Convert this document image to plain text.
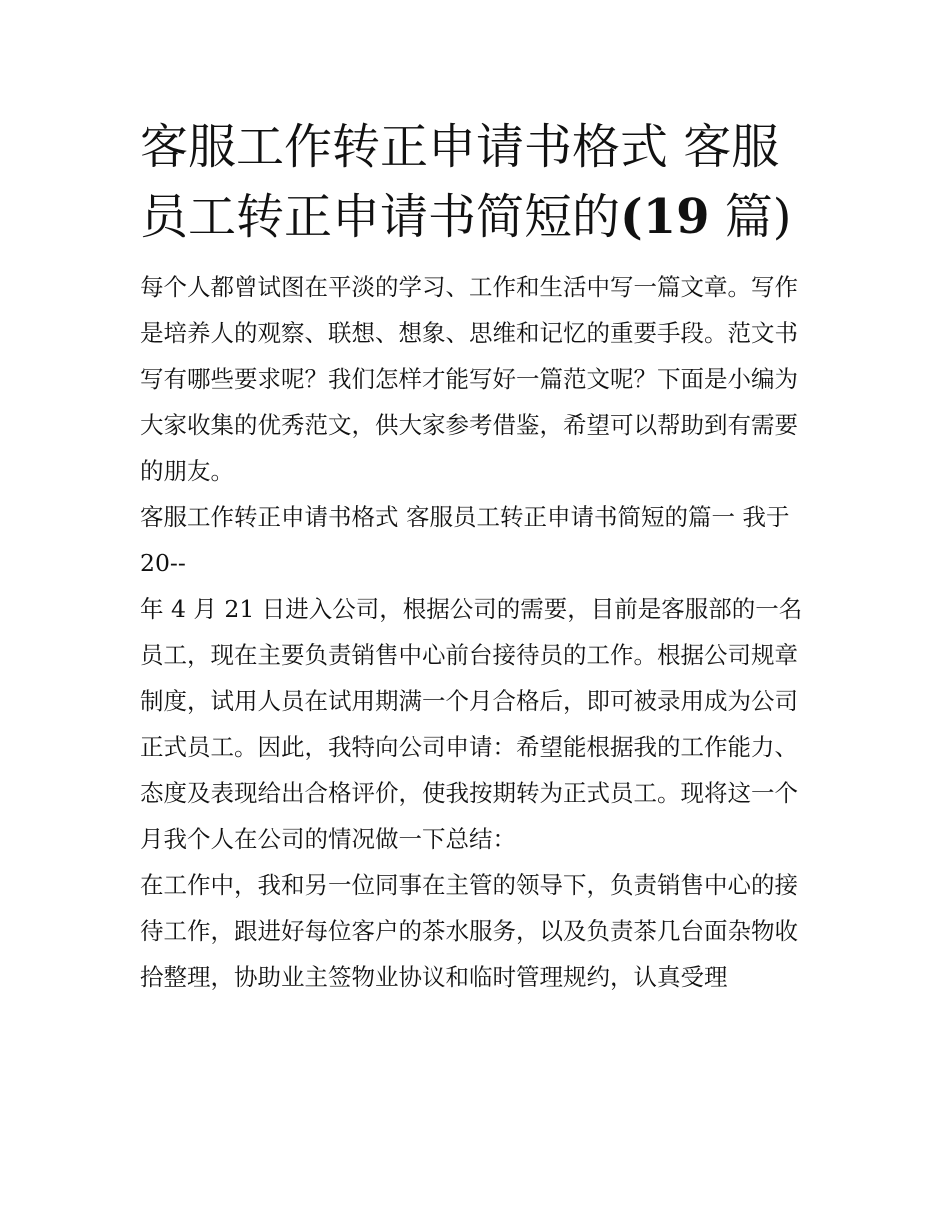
客服工作转正申请书格式 客服员工转正申请书简短的(19 篇)

每个人都曾试图在平淡的学习、工作和生活中写一篇文章。写作是培养人的观察、联想、想象、思维和记忆的重要手段。范文书写有哪些要求呢？我们怎样才能写好一篇范文呢？下面是小编为大家收集的优秀范文，供大家参考借鉴，希望可以帮助到有需要的朋友。

客服工作转正申请书格式 客服员工转正申请书简短的篇一 我于 20--

年 4 月 21 日进入公司，根据公司的需要，目前是客服部的一名员工，现在主要负责销售中心前台接待员的工作。根据公司规章制度，试用人员在试用期满一个月合格后，即可被录用成为公司正式员工。因此，我特向公司申请：希望能根据我的工作能力、态度及表现给出合格评价，使我按期转为正式员工。现将这一个月我个人在公司的情况做一下总结：

在工作中，我和另一位同事在主管的领导下，负责销售中心的接待工作，跟进好每位客户的茶水服务，以及负责茶几台面杂物收拾整理，协助业主签物业协议和临时管理规约，认真受理
